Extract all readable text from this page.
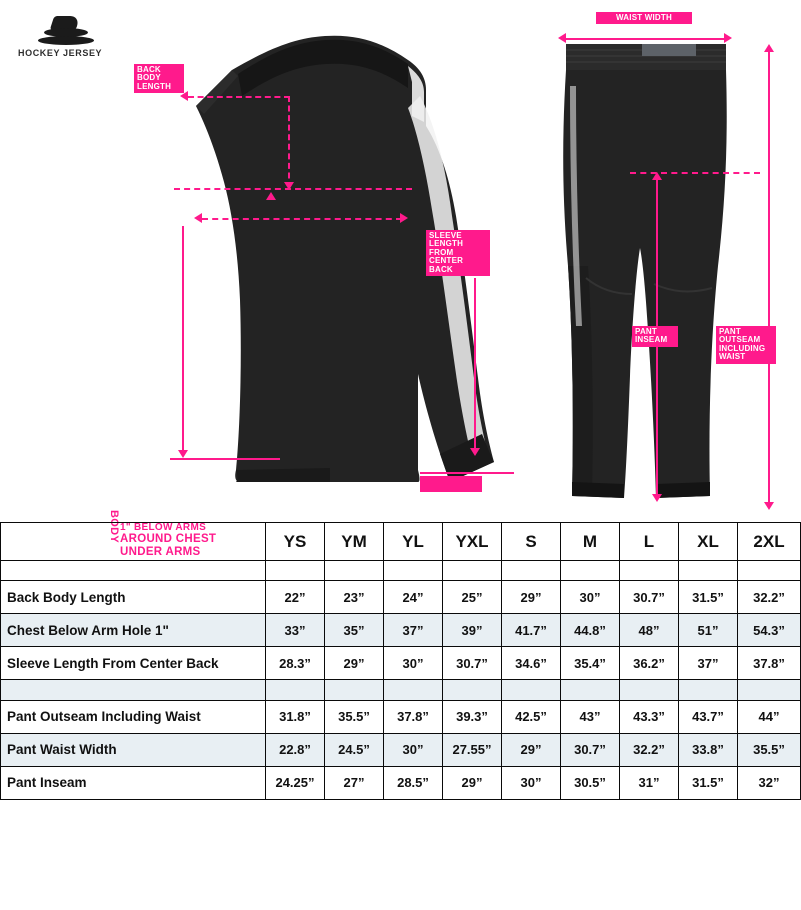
HOCKEY JERSEY
BODY 1" BELOW ARMS
AROUND CHEST
UNDER ARMS
BACK BODY
LENGTH
SLEEVE
LENGTH FROM
CENTER BACK
WAIST WIDTH
PANT OUTSEAM
INCLUDING WAIST
PANT
INSEAM
	YS	YM	YL	YXL	S	M	L	XL	2XL

Back Body Length	22”	23”	24”	25”	29”	30”	30.7”	31.5”	32.2”
Chest Below Arm Hole 1"	33”	35”	37”	39”	41.7”	44.8”	48”	51”	54.3”
Sleeve Length From Center Back	28.3”	29”	30”	30.7”	34.6”	35.4”	36.2”	37”	37.8”

Pant Outseam Including Waist	31.8”	35.5”	37.8”	39.3”	42.5”	43”	43.3”	43.7”	44”
Pant Waist Width	22.8”	24.5”	30”	27.55”	29”	30.7”	32.2”	33.8”	35.5”
Pant Inseam	24.25”	27”	28.5”	29”	30”	30.5”	31”	31.5”	32”
